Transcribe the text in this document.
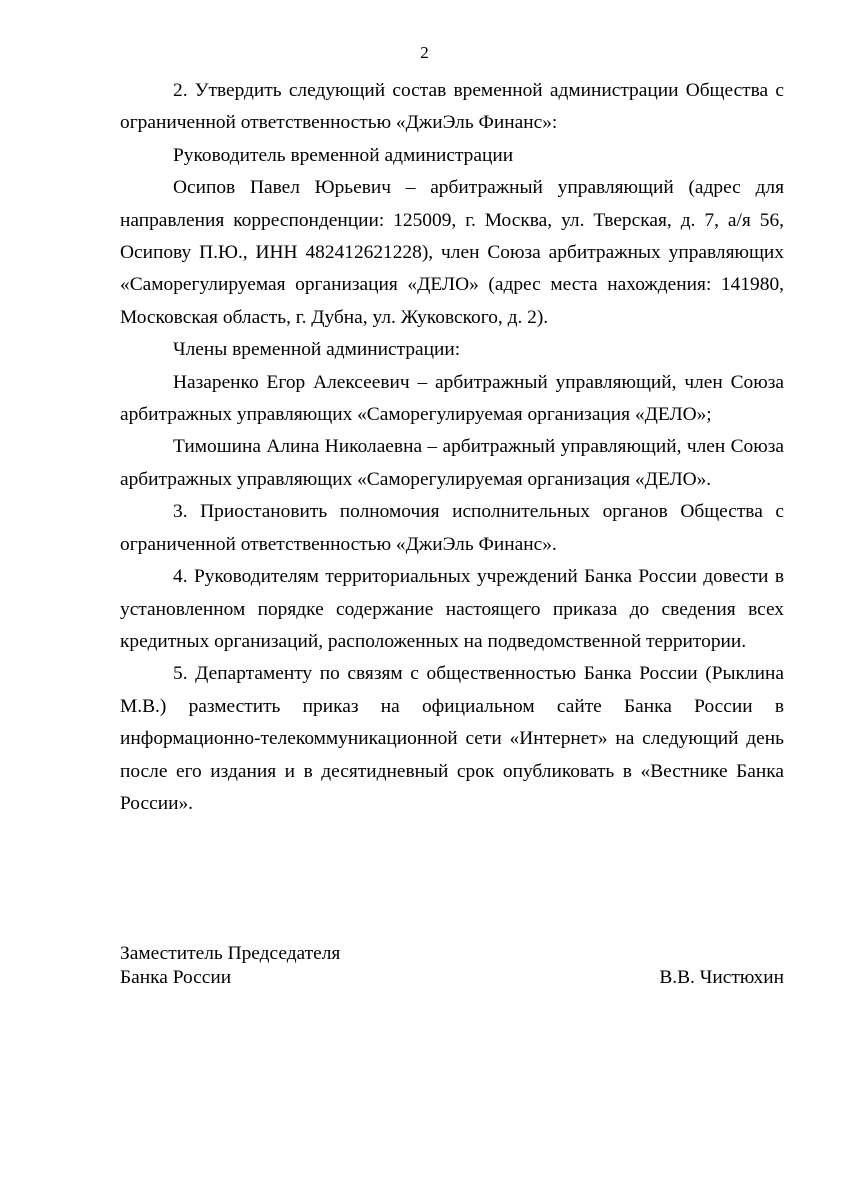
2

2. Утвердить следующий состав временной администрации Общества с ограниченной ответственностью «ДжиЭль Финанс»:

Руководитель временной администрации

Осипов Павел Юрьевич – арбитражный управляющий (адрес для направления корреспонденции: 125009, г. Москва, ул. Тверская, д. 7, а/я 56, Осипову П.Ю., ИНН 482412621228), член Союза арбитражных управляющих «Саморегулируемая организация «ДЕЛО» (адрес места нахождения: 141980, Московская область, г. Дубна, ул. Жуковского, д. 2).

Члены временной администрации:

Назаренко Егор Алексеевич – арбитражный управляющий, член Союза арбитражных управляющих «Саморегулируемая организация «ДЕЛО»;

Тимошина Алина Николаевна – арбитражный управляющий, член Союза арбитражных управляющих «Саморегулируемая организация «ДЕЛО».

3. Приостановить полномочия исполнительных органов Общества с ограниченной ответственностью «ДжиЭль Финанс».

4. Руководителям территориальных учреждений Банка России довести в установленном порядке содержание настоящего приказа до сведения всех кредитных организаций, расположенных на подведомственной территории.

5. Департаменту по связям с общественностью Банка России (Рыклина М.В.) разместить приказ на официальном сайте Банка России в информационно-телекоммуникационной сети «Интернет» на следующий день после его издания и в десятидневный срок опубликовать в «Вестнике Банка России».

Заместитель Председателя
Банка России	В.В. Чистюхин
